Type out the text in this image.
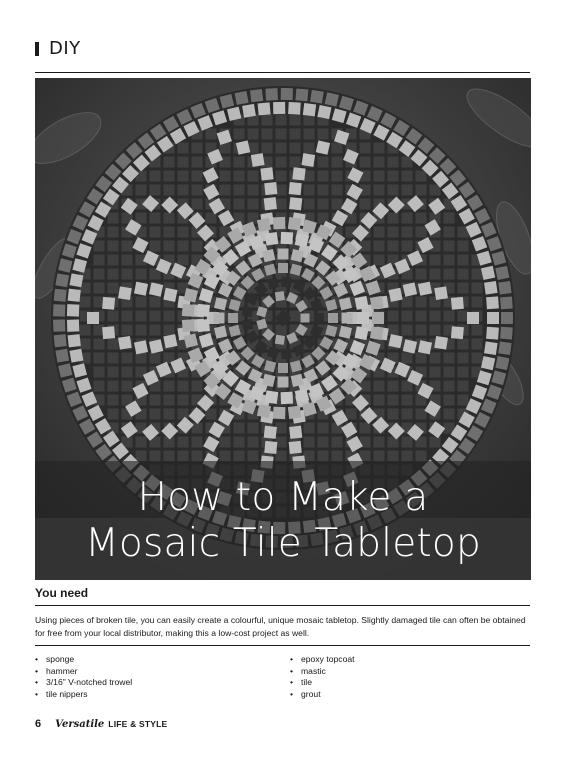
DIY
How to Make a
Mosaic Tile Tabletop
You need
Using pieces of broken tile, you can easily create a colourful, unique mosaic tabletop. Slightly damaged tile can often be obtained for free from your local distributor, making this a low-cost project as well.
• sponge
• hammer
• 3/16" V-notched trowel
• tile nippers
• epoxy topcoat
• mastic
• tile
• grout
6 Versatile LIFE & STYLE
